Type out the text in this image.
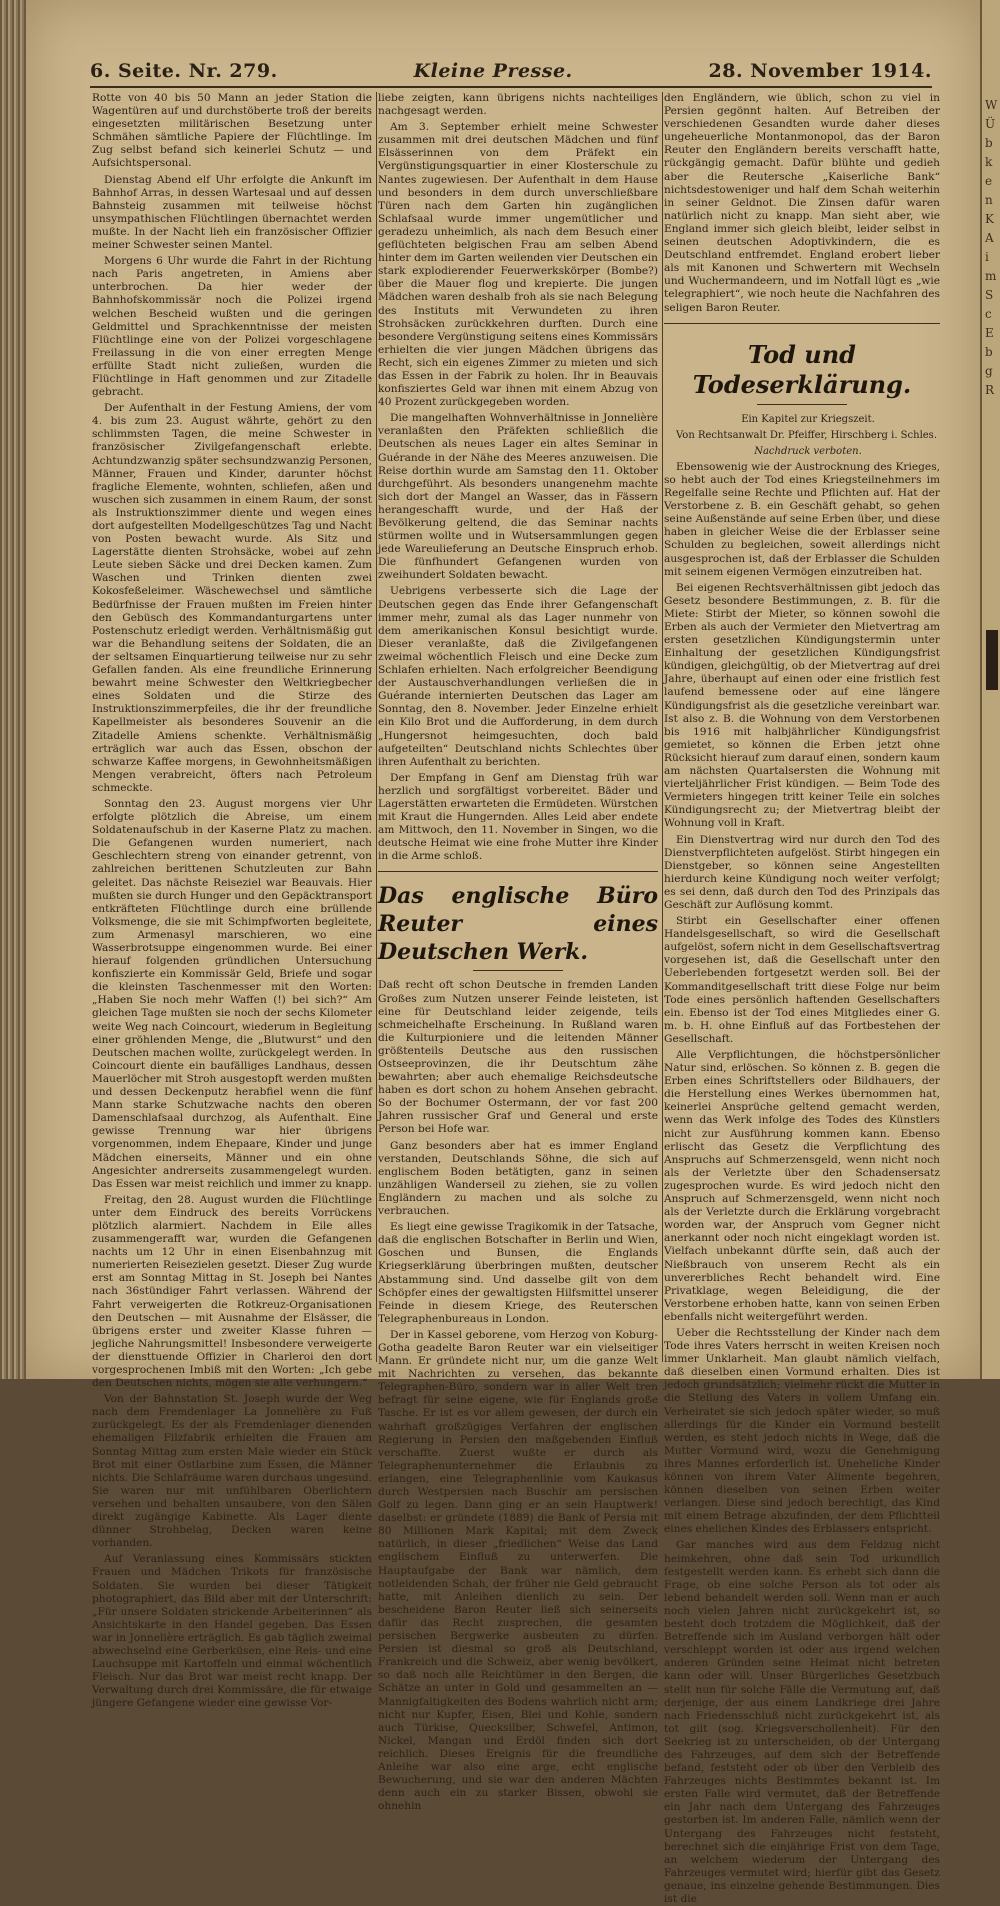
6. Seite. Nr. 279.	Kleine Presse.	28. November 1914.

Rotte von 40 bis 50 Mann an jeder Station die Wagentüren auf und durchstöberte troß der bereits eingesetzten militärischen Besetzung unter Schmähen sämtliche Papiere der Flüchtlinge. Im Zug selbst befand sich keinerlei Schutz — und Aufsichtspersonal.

Dienstag Abend elf Uhr erfolgte die Ankunft im Bahnhof Arras, in dessen Wartesaal und auf dessen Bahnsteig zusammen mit teilweise höchst unsympathischen Flüchtlingen übernachtet werden mußte. In der Nacht lieh ein französischer Offizier meiner Schwester seinen Mantel.

Morgens 6 Uhr wurde die Fahrt in der Richtung nach Paris angetreten, in Amiens aber unterbrochen. Da hier weder der Bahnhofskommissär noch die Polizei irgend welchen Bescheid wußten und die geringen Geldmittel und Sprachkenntnisse der meisten Flüchtlinge eine von der Polizei vorgeschlagene Freilassung in die von einer erregten Menge erfüllte Stadt nicht zuließen, wurden die Flüchtlinge in Haft genommen und zur Zitadelle gebracht.

Der Aufenthalt in der Festung Amiens, der vom 4. bis zum 23. August währte, gehört zu den schlimmsten Tagen, die meine Schwester in französischer Zivilgefangenschaft erlebte. Achtundzwanzig später sechsundzwanzig Personen, Männer, Frauen und Kinder, darunter höchst fragliche Elemente, wohnten, schliefen, aßen und wuschen sich zusammen in einem Raum, der sonst als Instruktionszimmer diente und wegen eines dort aufgestellten Modellgeschützes Tag und Nacht von Posten bewacht wurde. Als Sitz und Lagerstätte dienten Strohsäcke, wobei auf zehn Leute sieben Säcke und drei Decken kamen. Zum Waschen und Trinken dienten zwei Kokosfeßeleimer. Wäschewechsel und sämtliche Bedürfnisse der Frauen mußten im Freien hinter den Gebüsch des Kommandanturgartens unter Postenschutz erledigt werden. Verhältnismäßig gut war die Behandlung seitens der Soldaten, die an der seltsamen Einquartierung teilweise nur zu sehr Gefallen fanden. Als eine freundliche Erinnerung bewahrt meine Schwester den Weltkriegbecher eines Soldaten und die Stirze des Instruktionszimmerpfeiles, die ihr der freundliche Kapellmeister als besonderes Souvenir an die Zitadelle Amiens schenkte. Verhältnismäßig erträglich war auch das Essen, obschon der schwarze Kaffee morgens, in Gewohnheitsmäßigen Mengen verabreicht, öfters nach Petroleum schmeckte.

Sonntag den 23. August morgens vier Uhr erfolgte plötzlich die Abreise, um einem Soldatenaufschub in der Kaserne Platz zu machen. Die Gefangenen wurden numeriert, nach Geschlechtern streng von einander getrennt, von zahlreichen berittenen Schutzleuten zur Bahn geleitet. Das nächste Reiseziel war Beauvais. Hier mußten sie durch Hunger und den Gepäcktransport entkräfteten Flüchtlinge durch eine brüllende Volksmenge, die sie mit Schimpfworten begleitete, zum Armenasyl marschieren, wo eine Wasserbrotsuppe eingenommen wurde. Bei einer hierauf folgenden gründlichen Untersuchung konfiszierte ein Kommissär Geld, Briefe und sogar die kleinsten Taschenmesser mit den Worten: „Haben Sie noch mehr Waffen (!) bei sich?“ Am gleichen Tage mußten sie noch der sechs Kilometer weite Weg nach Coincourt, wiederum in Begleitung einer gröhlenden Menge, die „Blutwurst“ und den Deutschen machen wollte, zurückgelegt werden. In Coincourt diente ein baufälliges Landhaus, dessen Mauerlöcher mit Stroh ausgestopft werden mußten und dessen Deckenputz herabfiel wenn die fünf Mann starke Schutzwache nachts den oberen Damenschlafsaal durchzog, als Aufenthalt. Eine gewisse Trennung war hier übrigens vorgenommen, indem Ehepaare, Kinder und junge Mädchen einerseits, Männer und ein ohne Angesichter andrerseits zusammengelegt wurden. Das Essen war meist reichlich und immer zu knapp.

Freitag, den 28. August wurden die Flüchtlinge unter dem Eindruck des bereits Vorrückens plötzlich alarmiert. Nachdem in Eile alles zusammengerafft war, wurden die Gefangenen nachts um 12 Uhr in einen Eisenbahnzug mit numerierten Reisezielen gesetzt. Dieser Zug wurde erst am Sonntag Mittag in St. Joseph bei Nantes nach 36stündiger Fahrt verlassen. Während der Fahrt verweigerten die Rotkreuz-Organisationen den Deutschen — mit Ausnahme der Elsässer, die übrigens erster und zweiter Klasse fuhren — jegliche Nahrungsmittel! Insbesondere verweigerte der diensttuende Offizier in Charleroi den dort vorgesprochenen Imbiß mit den Worten: „Ich gebe den Deutschen nichts, mögen sie alle verhungern.“

Von der Bahnstation St. Joseph wurde der Weg nach dem Fremdenlager La Jonnelière zu Fuß zurückgelegt. Es der als Fremdenlager dienenden ehemaligen Filzfabrik erhielten die Frauen am Sonntag Mittag zum ersten Male wieder ein Stück Brot mit einer Ostlarbine zum Essen, die Männer nichts. Die Schlafräume waren durchaus ungesund. Sie waren nur mit unfühlbaren Oberlichtern versehen und behalten unsaubere, von den Sälen direkt zugängige Kabinette. Als Lager diente dünner Strohbelag, Decken waren keine vorhanden.

Auf Veranlassung eines Kommissärs stickten Frauen und Mädchen Trikots für französische Soldaten. Sie wurden bei dieser Tätigkeit photographiert, das Bild aber mit der Unterschrift: „Für unsere Soldaten strickende Arbeiterinnen“ als Ansichtskarte in den Handel gegeben. Das Essen war in Jonnelière erträglich. Es gab täglich zweimal abwechselnd eine Gerberküsen, eine Reis- und eine Lauchsuppe mit Kartoffeln und einmal wöchentlich Fleisch. Nur das Brot war meist recht knapp. Der Verwaltung durch drei Kommissäre, die für etwaige jüngere Gefangene wieder eine gewisse Vor-

liebe zeigten, kann übrigens nichts nachteiliges nachgesagt werden.

Am 3. September erhielt meine Schwester zusammen mit drei deutschen Mädchen und fünf Elsässerinnen von dem Präfekt ein Vergünstigungsquartier in einer Klosterschule zu Nantes zugewiesen. Der Aufenthalt in dem Hause und besonders in dem durch unverschließbare Türen nach dem Garten hin zugänglichen Schlafsaal wurde immer ungemütlicher und geradezu unheimlich, als nach dem Besuch einer geflüchteten belgischen Frau am selben Abend hinter dem im Garten weilenden vier Deutschen ein stark explodierender Feuerwerkskörper (Bombe?) über die Mauer flog und krepierte. Die jungen Mädchen waren deshalb froh als sie nach Belegung des Instituts mit Verwundeten zu ihren Strohsäcken zurückkehren durften. Durch eine besondere Vergünstigung seitens eines Kommissärs erhielten die vier jungen Mädchen übrigens das Recht, sich ein eigenes Zimmer zu mieten und sich das Essen in der Fabrik zu holen. Ihr in Beauvais konfisziertes Geld war ihnen mit einem Abzug von 40 Prozent zurückgegeben worden.

Die mangelhaften Wohnverhältnisse in Jonnelière veranlaßten den Präfekten schließlich die Deutschen als neues Lager ein altes Seminar in Guérande in der Nähe des Meeres anzuweisen. Die Reise dorthin wurde am Samstag den 11. Oktober durchgeführt. Als besonders unangenehm machte sich dort der Mangel an Wasser, das in Fässern herangeschafft wurde, und der Haß der Bevölkerung geltend, die das Seminar nachts stürmen wollte und in Wutsersammlungen gegen jede Wareulieferung an Deutsche Einspruch erhob. Die fünfhundert Gefangenen wurden von zweihundert Soldaten bewacht.

Uebrigens verbesserte sich die Lage der Deutschen gegen das Ende ihrer Gefangenschaft immer mehr, zumal als das Lager nunmehr von dem amerikanischen Konsul besichtigt wurde. Dieser veranlaßte, daß die Zivilgefangenen zweimal wöchentlich Fleisch und eine Decke zum Schlafen erhielten. Nach erfolgreicher Beendigung der Austauschverhandlungen verließen die in Guérande internierten Deutschen das Lager am Sonntag, den 8. November. Jeder Einzelne erhielt ein Kilo Brot und die Aufforderung, in dem durch „Hungersnot heimgesuchten, doch bald aufgeteilten“ Deutschland nichts Schlechtes über ihren Aufenthalt zu berichten.

Der Empfang in Genf am Dienstag früh war herzlich und sorgfältigst vorbereitet. Bäder und Lagerstätten erwarteten die Ermüdeten. Würstchen mit Kraut die Hungernden. Alles Leid aber endete am Mittwoch, den 11. November in Singen, wo die deutsche Heimat wie eine frohe Mutter ihre Kinder in die Arme schloß.

Das englische Büro Reuter eines Deutschen Werk.

Daß recht oft schon Deutsche in fremden Landen Großes zum Nutzen unserer Feinde leisteten, ist eine für Deutschland leider zeigende, teils schmeichelhafte Erscheinung. In Rußland waren die Kulturpioniere und die leitenden Männer größtenteils Deutsche aus den russischen Ostseeprovinzen, die ihr Deutschtum zähe bewahrten; aber auch ehemalige Reichsdeutsche haben es dort schon zu hohem Ansehen gebracht. So der Bochumer Ostermann, der vor fast 200 Jahren russischer Graf und General und erste Person bei Hofe war.

Ganz besonders aber hat es immer England verstanden, Deutschlands Söhne, die sich auf englischem Boden betätigten, ganz in seinen unzähligen Wanderseil zu ziehen, sie zu vollen Engländern zu machen und als solche zu verbrauchen.

Es liegt eine gewisse Tragikomik in der Tatsache, daß die englischen Botschafter in Berlin und Wien, Goschen und Bunsen, die Englands Kriegserklärung überbringen mußten, deutscher Abstammung sind. Und dasselbe gilt von dem Schöpfer eines der gewaltigsten Hilfsmittel unserer Feinde in diesem Kriege, des Reuterschen Telegraphenbureaus in London.

Der in Kassel geborene, vom Herzog von Koburg-Gotha geadelte Baron Reuter war ein vielseitiger Mann. Er gründete nicht nur, um die ganze Welt mit Nachrichten zu versehen, das bekannte Telegraphen-Büro, sondern war in aller Welt tren befragt für seine eigene, wie für Englands große Tasche. Er ist es vor allem gewesen, der durch ein wahrhaft großzügiges Verfahren der englischen Regierung in Persien den maßgebenden Einfluß verschaffte. Zuerst wußte er durch als Telegraphenunternehmer die Erlaubnis zu erlangen, eine Telegraphenlinie vom Kaukasus durch Westpersien nach Buschir am persischen Golf zu legen. Dann ging er an sein Hauptwerk! daselbst: er gründete (1889) die Bank of Persia mit 80 Millionen Mark Kapital; mit dem Zweck natürlich, in dieser „friedlichen“ Weise das Land englischem Einfluß zu unterwerfen. Die Hauptaufgabe der Bank war nämlich, dem notleidenden Schah, der früher nie Geld gebraucht hatte, mit Anleihen dienlich zu sein. Der bescheidene Baron Reuter ließ sich seinerseits dafür das Recht zusprechen, die gesamten persischen Bergwerke ausbeuten zu dürfen. Persien ist diesmal so groß als Deutschland, Frankreich und die Schweiz, aber wenig bevölkert, so daß noch alle Reichtümer in den Bergen, die Schätze an unter in Gold und gesammelten an — Mannigfaltigkeiten des Bodens wahrlich nicht arm; nicht nur Kupfer, Eisen, Blei und Kohle, sondern auch Türkise, Quecksilber, Schwefel, Antimon, Nickel, Mangan und Erdöl finden sich dort reichlich. Dieses Ereignis für die freundliche Anleihe war also eine arge, echt englische Bewucherung, und sie war den anderen Mächten denn auch ein zu starker Bissen, obwohl sie ohnehin

den Engländern, wie üblich, schon zu viel in Persien gegönnt halten. Auf Betreiben der verschiedenen Gesandten wurde daher dieses ungeheuerliche Montanmonopol, das der Baron Reuter den Engländern bereits verschafft hatte, rückgängig gemacht. Dafür blühte und gedieh aber die Reutersche „Kaiserliche Bank“ nichtsdestoweniger und half dem Schah weiterhin in seiner Geldnot. Die Zinsen dafür waren natürlich nicht zu knapp. Man sieht aber, wie England immer sich gleich bleibt, leider selbst in seinen deutschen Adoptivkindern, die es Deutschland entfremdet. England erobert lieber als mit Kanonen und Schwertern mit Wechseln und Wuchermandeern, und im Notfall lügt es „wie telegraphiert“, wie noch heute die Nachfahren des seligen Baron Reuter.

Tod und Todeserklärung.

Ein Kapitel zur Kriegszeit.

Von Rechtsanwalt Dr. Pfeiffer, Hirschberg i. Schles.

Nachdruck verboten.

Ebensowenig wie der Austrocknung des Krieges, so hebt auch der Tod eines Kriegsteilnehmers im Regelfalle seine Rechte und Pflichten auf. Hat der Verstorbene z. B. ein Geschäft gehabt, so gehen seine Außenstände auf seine Erben über, und diese haben in gleicher Weise die der Erblasser seine Schulden zu begleichen, soweit allerdings nicht ausgesprochen ist, daß der Erblasser die Schulden mit seinem eigenen Vermögen einzutreiben hat.

Bei eigenen Rechtsverhältnissen gibt jedoch das Gesetz besondere Bestimmungen, z. B. für die Miete: Stirbt der Mieter, so können sowohl die Erben als auch der Vermieter den Mietvertrag am ersten gesetzlichen Kündigungstermin unter Einhaltung der gesetzlichen Kündigungsfrist kündigen, gleichgültig, ob der Mietvertrag auf drei Jahre, überhaupt auf einen oder eine fristlich fest laufend bemessene oder auf eine längere Kündigungsfrist als die gesetzliche vereinbart war. Ist also z. B. die Wohnung von dem Verstorbenen bis 1916 mit halbjährlicher Kündigungsfrist gemietet, so können die Erben jetzt ohne Rücksicht hierauf zum darauf einen, sondern kaum am nächsten Quartalsersten die Wohnung mit vierteljährlicher Frist kündigen. — Beim Tode des Vermieters hingegen tritt keiner Teile ein solches Kündigungsrecht zu; der Mietvertrag bleibt der Wohnung voll in Kraft.

Ein Dienstvertrag wird nur durch den Tod des Dienstverpflichteten aufgelöst. Stirbt hingegen ein Dienstgeber, so können seine Angestellten hierdurch keine Kündigung noch weiter verfolgt; es sei denn, daß durch den Tod des Prinzipals das Geschäft zur Auflösung kommt.

Stirbt ein Gesellschafter einer offenen Handelsgesellschaft, so wird die Gesellschaft aufgelöst, sofern nicht in dem Gesellschaftsvertrag vorgesehen ist, daß die Gesellschaft unter den Ueberlebenden fortgesetzt werden soll. Bei der Kommanditgesellschaft tritt diese Folge nur beim Tode eines persönlich haftenden Gesellschafters ein. Ebenso ist der Tod eines Mitgliedes einer G. m. b. H. ohne Einfluß auf das Fortbestehen der Gesellschaft.

Alle Verpflichtungen, die höchstpersönlicher Natur sind, erlöschen. So können z. B. gegen die Erben eines Schriftstellers oder Bildhauers, der die Herstellung eines Werkes übernommen hat, keinerlei Ansprüche geltend gemacht werden, wenn das Werk infolge des Todes des Künstlers nicht zur Ausführung kommen kann. Ebenso erlischt das Gesetz die Verpflichtung des Anspruchs auf Schmerzensgeld, wenn nicht noch als der Verletzte über den Schadensersatz zugesprochen wurde. Es wird jedoch nicht den Anspruch auf Schmerzensgeld, wenn nicht noch als der Verletzte durch die Erklärung vorgebracht worden war, der Anspruch vom Gegner nicht anerkannt oder noch nicht eingeklagt worden ist. Vielfach unbekannt dürfte sein, daß auch der Nießbrauch von unserem Recht als ein unvererbliches Recht behandelt wird. Eine Privatklage, wegen Beleidigung, die der Verstorbene erhoben hatte, kann von seinen Erben ebenfalls nicht weitergeführt werden.

Ueber die Rechtsstellung der Kinder nach dem Tode ihres Vaters herrscht in weiten Kreisen noch immer Unklarheit. Man glaubt nämlich vielfach, daß dieselben einen Vormund erhalten. Dies ist jedoch grundsätzlich; vielmehr rückt die Mutter in die Stellung des Vaters in vollem Umfang ein. Verheiratet sie sich jedoch später wieder, so muß allerdings für die Kinder ein Vormund bestellt werden, es steht jedoch nichts in Wege, daß die Mutter Vormund wird, wozu die Genehmigung ihres Mannes erforderlich ist. Uneheliche Kinder können von ihrem Vater Alimente begehren, können dieselben von seinen Erben weiter verlangen. Diese sind jedoch berechtigt, das Kind mit einem Betrage abzufinden, der dem Pflichtteil eines ehelichen Kindes des Erblassers entspricht.

Gar manches wird aus dem Feldzug nicht heimkehren, ohne daß sein Tod urkundlich festgestellt werden kann. Es erhebt sich dann die Frage, ob eine solche Person als tot oder als lebend behandelt werden soll. Wenn man er auch noch vielen Jahren nicht zurückgekehrt ist, so besteht doch trotzdem die Möglichkeit, daß der Betreffende sich im Ausland verborgen hält oder verschleppt worden ist oder aus irgend welchen anderen Gründen seine Heimat nicht betreten kann oder will. Unser Bürgerliches Gesetzbuch stellt nun für solche Fälle die Vermutung auf, daß derjenige, der aus einem Landkriege drei Jahre nach Friedensschluß nicht zurückgekehrt ist, als tot gilt (sog. Kriegsverschollenheit). Für den Seekrieg ist zu unterscheiden, ob der Untergang des Fahrzeuges, auf dem sich der Betreffende befand, feststeht oder ob über den Verbleib des Fahrzeuges nichts Bestimmtes bekannt ist. Im ersten Falle wird vermutet, daß der Betreffende ein Jahr nach dem Untergang des Fahrzeuges gestorben ist. Im anderen Falle, nämlich wenn der Untergang des Fahrzeuges nicht feststeht, berechnet sich die einjährige Frist von dem Tage, an welchem wiederum der Untergang des Fahrzeuges vermutet wird; hierfür gibt das Gesetz genaue, ins einzelne gehende Bestimmungen. Dies ist die

W
Ü
b
k
e
n
K
A
i
m
S
c
E
b
g
R
